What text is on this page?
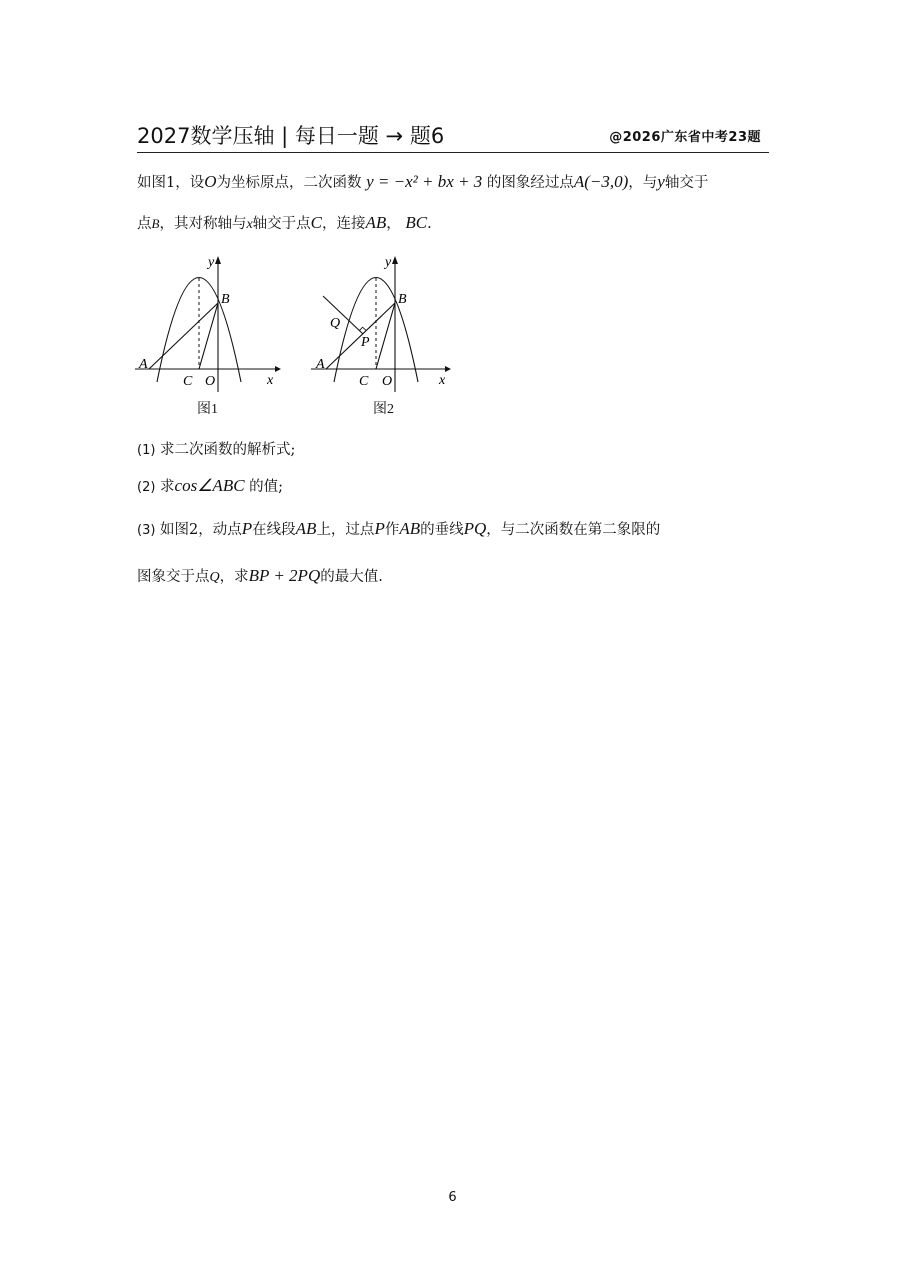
2027数学压轴 | 每日一题 → 题6	@2026广东省中考23题
如图1，设O为坐标原点，二次函数 y = −x² + bx + 3 的图象经过点A(−3,0)，与y轴交于
点B，其对称轴与x轴交于点C，连接AB， BC.
y
x
A
B
C O
图1
y
x
A
B
C O
P
Q
图2
(1) 求二次函数的解析式;
(2) 求cos∠ABC 的值;
(3) 如图2，动点P在线段AB上，过点P作AB的垂线PQ，与二次函数在第二象限的
图象交于点Q，求BP + 2PQ的最大值.
6
